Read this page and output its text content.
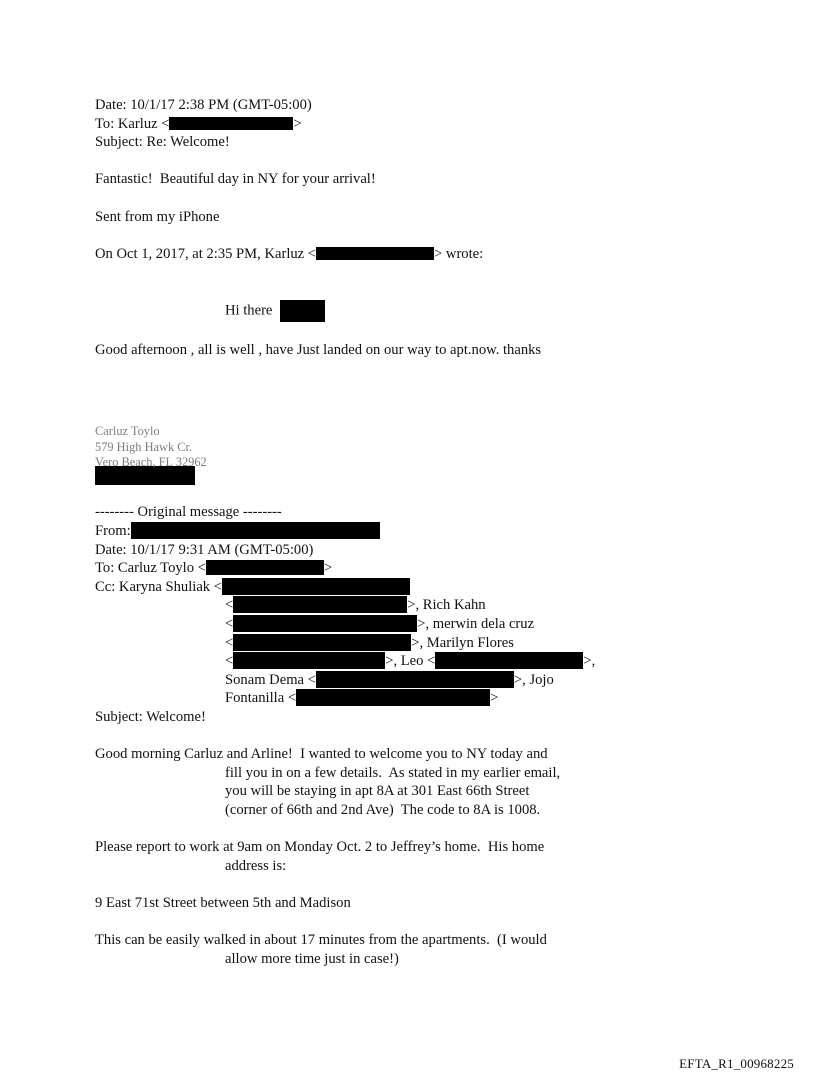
Date: 10/1/17 2:38 PM (GMT-05:00)
To: Karluz <	>
Subject: Re: Welcome!
Fantastic!  Beautiful day in NY for your arrival!
Sent from my iPhone
On Oct 1, 2017, at 2:35 PM, Karluz <	> wrote:
Hi there
Good afternoon , all is well , have Just landed on our way to apt.now. thanks
Carluz Toylo
579 High Hawk Cr.
Vero Beach, FL 32962
-------- Original message --------
From:
Date: 10/1/17 9:31 AM (GMT-05:00)
To: Carluz Toylo <	>
Cc: Karyna Shuliak <
<	>, Rich Kahn
<	>, merwin dela cruz
<	>, Marilyn Flores
<	>, Leo <	>,
Sonam Dema <	>, Jojo
Fontanilla <	>
Subject: Welcome!
Good morning Carluz and Arline!  I wanted to welcome you to NY today and
fill you in on a few details.  As stated in my earlier email,
you will be staying in apt 8A at 301 East 66th Street
(corner of 66th and 2nd Ave)  The code to 8A is 1008.
Please report to work at 9am on Monday Oct. 2 to Jeffrey’s home.  His home
address is:
9 East 71st Street between 5th and Madison
This can be easily walked in about 17 minutes from the apartments.  (I would
allow more time just in case!)
EFTA_R1_00968225
